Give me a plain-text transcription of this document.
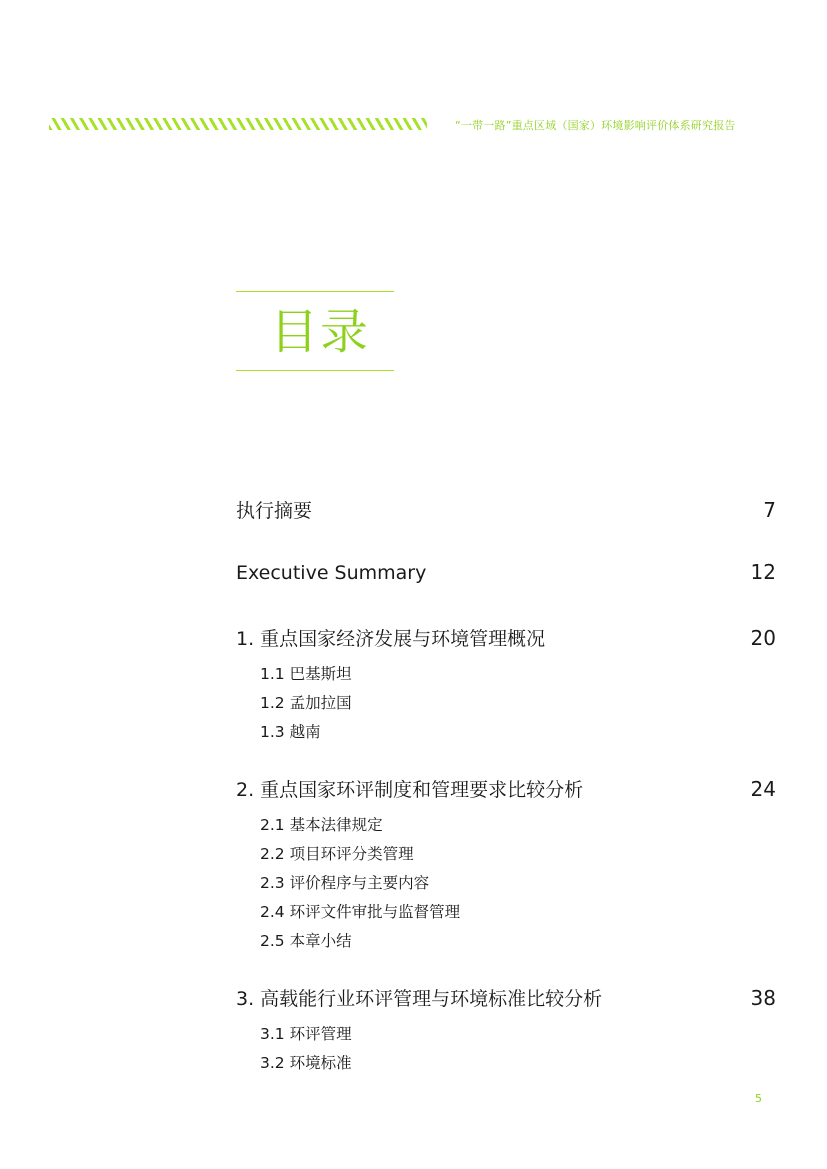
“一带一路”重点区域（国家）环境影响评价体系研究报告
目录
执行摘要	7
Executive Summary	12
1. 重点国家经济发展与环境管理概况	20
1.1 巴基斯坦
1.2 孟加拉国
1.3 越南
2. 重点国家环评制度和管理要求比较分析	24
2.1 基本法律规定
2.2 项目环评分类管理
2.3 评价程序与主要内容
2.4 环评文件审批与监督管理
2.5 本章小结
3. 高载能行业环评管理与环境标准比较分析	38
3.1 环评管理
3.2 环境标准
5
